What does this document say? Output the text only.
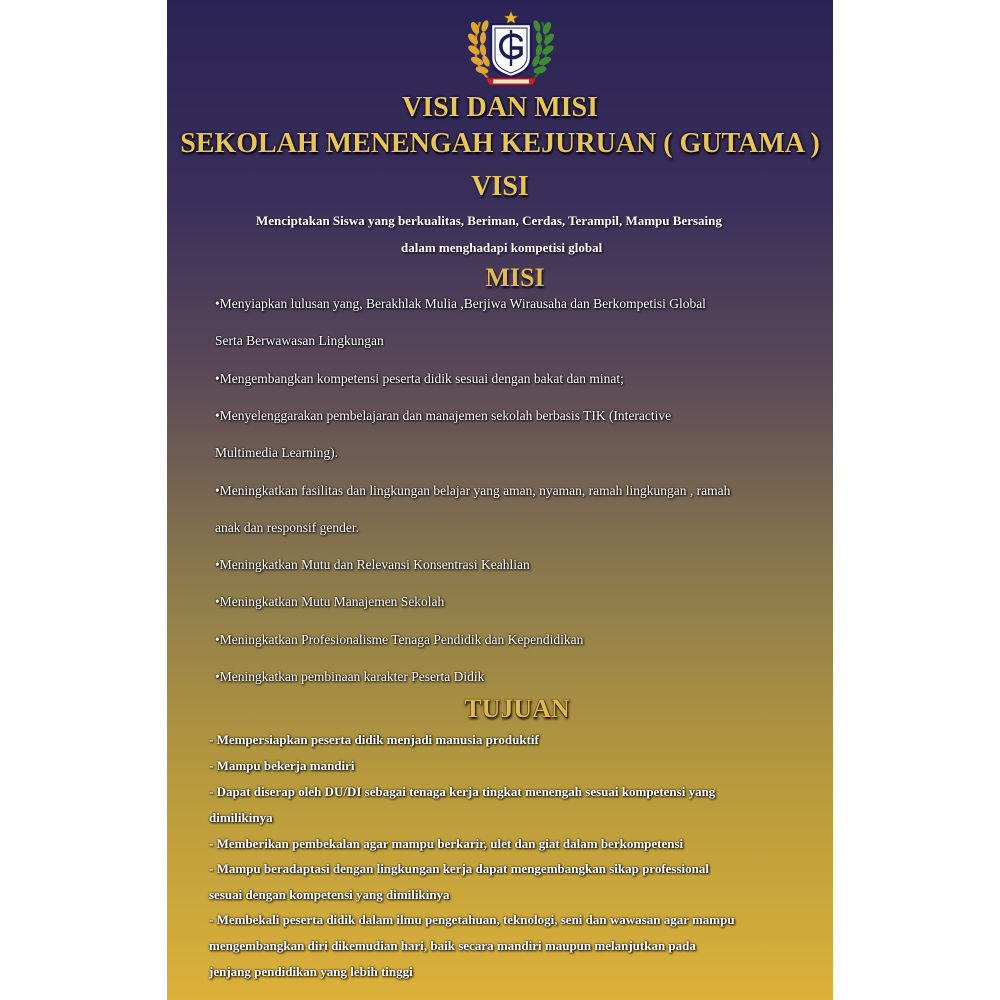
VISI DAN MISI

SEKOLAH MENENGAH KEJURUAN ( GUTAMA )

VISI

Menciptakan Siswa yang berkualitas, Beriman, Cerdas, Terampil, Mampu Bersaing

dalam menghadapi kompetisi global

MISI

•Menyiapkan lulusan yang, Berakhlak Mulia ,Berjiwa Wirausaha dan Berkompetisi Global

Serta Berwawasan Lingkungan

•Mengembangkan kompetensi peserta didik sesuai dengan bakat dan minat;

•Menyelenggarakan pembelajaran dan manajemen sekolah berbasis TIK (Interactive

Multimedia Learning).

•Meningkatkan fasilitas dan lingkungan belajar yang aman, nyaman, ramah lingkungan , ramah

anak dan responsif gender.

•Meningkatkan Mutu dan Relevansi Konsentrasi Keahlian

•Meningkatkan Mutu Manajemen Sekolah

•Meningkatkan Profesionalisme Tenaga Pendidik dan Kependidikan

•Meningkatkan pembinaan karakter Peserta Didik

TUJUAN

- Mempersiapkan peserta didik menjadi manusia produktif

- Mampu bekerja mandiri

- Dapat diserap oleh DU/DI sebagai tenaga kerja tingkat menengah sesuai kompetensi yang

dimilikinya

- Memberikan pembekalan agar mampu berkarir, ulet dan giat dalam berkompetensi

- Mampu beradaptasi dengan lingkungan kerja dapat mengembangkan sikap professional

sesuai dengan kompetensi yang dimilikinya

- Membekali peserta didik dalam ilmu pengetahuan, teknologi, seni dan wawasan agar mampu

mengembangkan diri dikemudian hari, baik secara mandiri maupun melanjutkan pada

jenjang pendidikan yang lebih tinggi
